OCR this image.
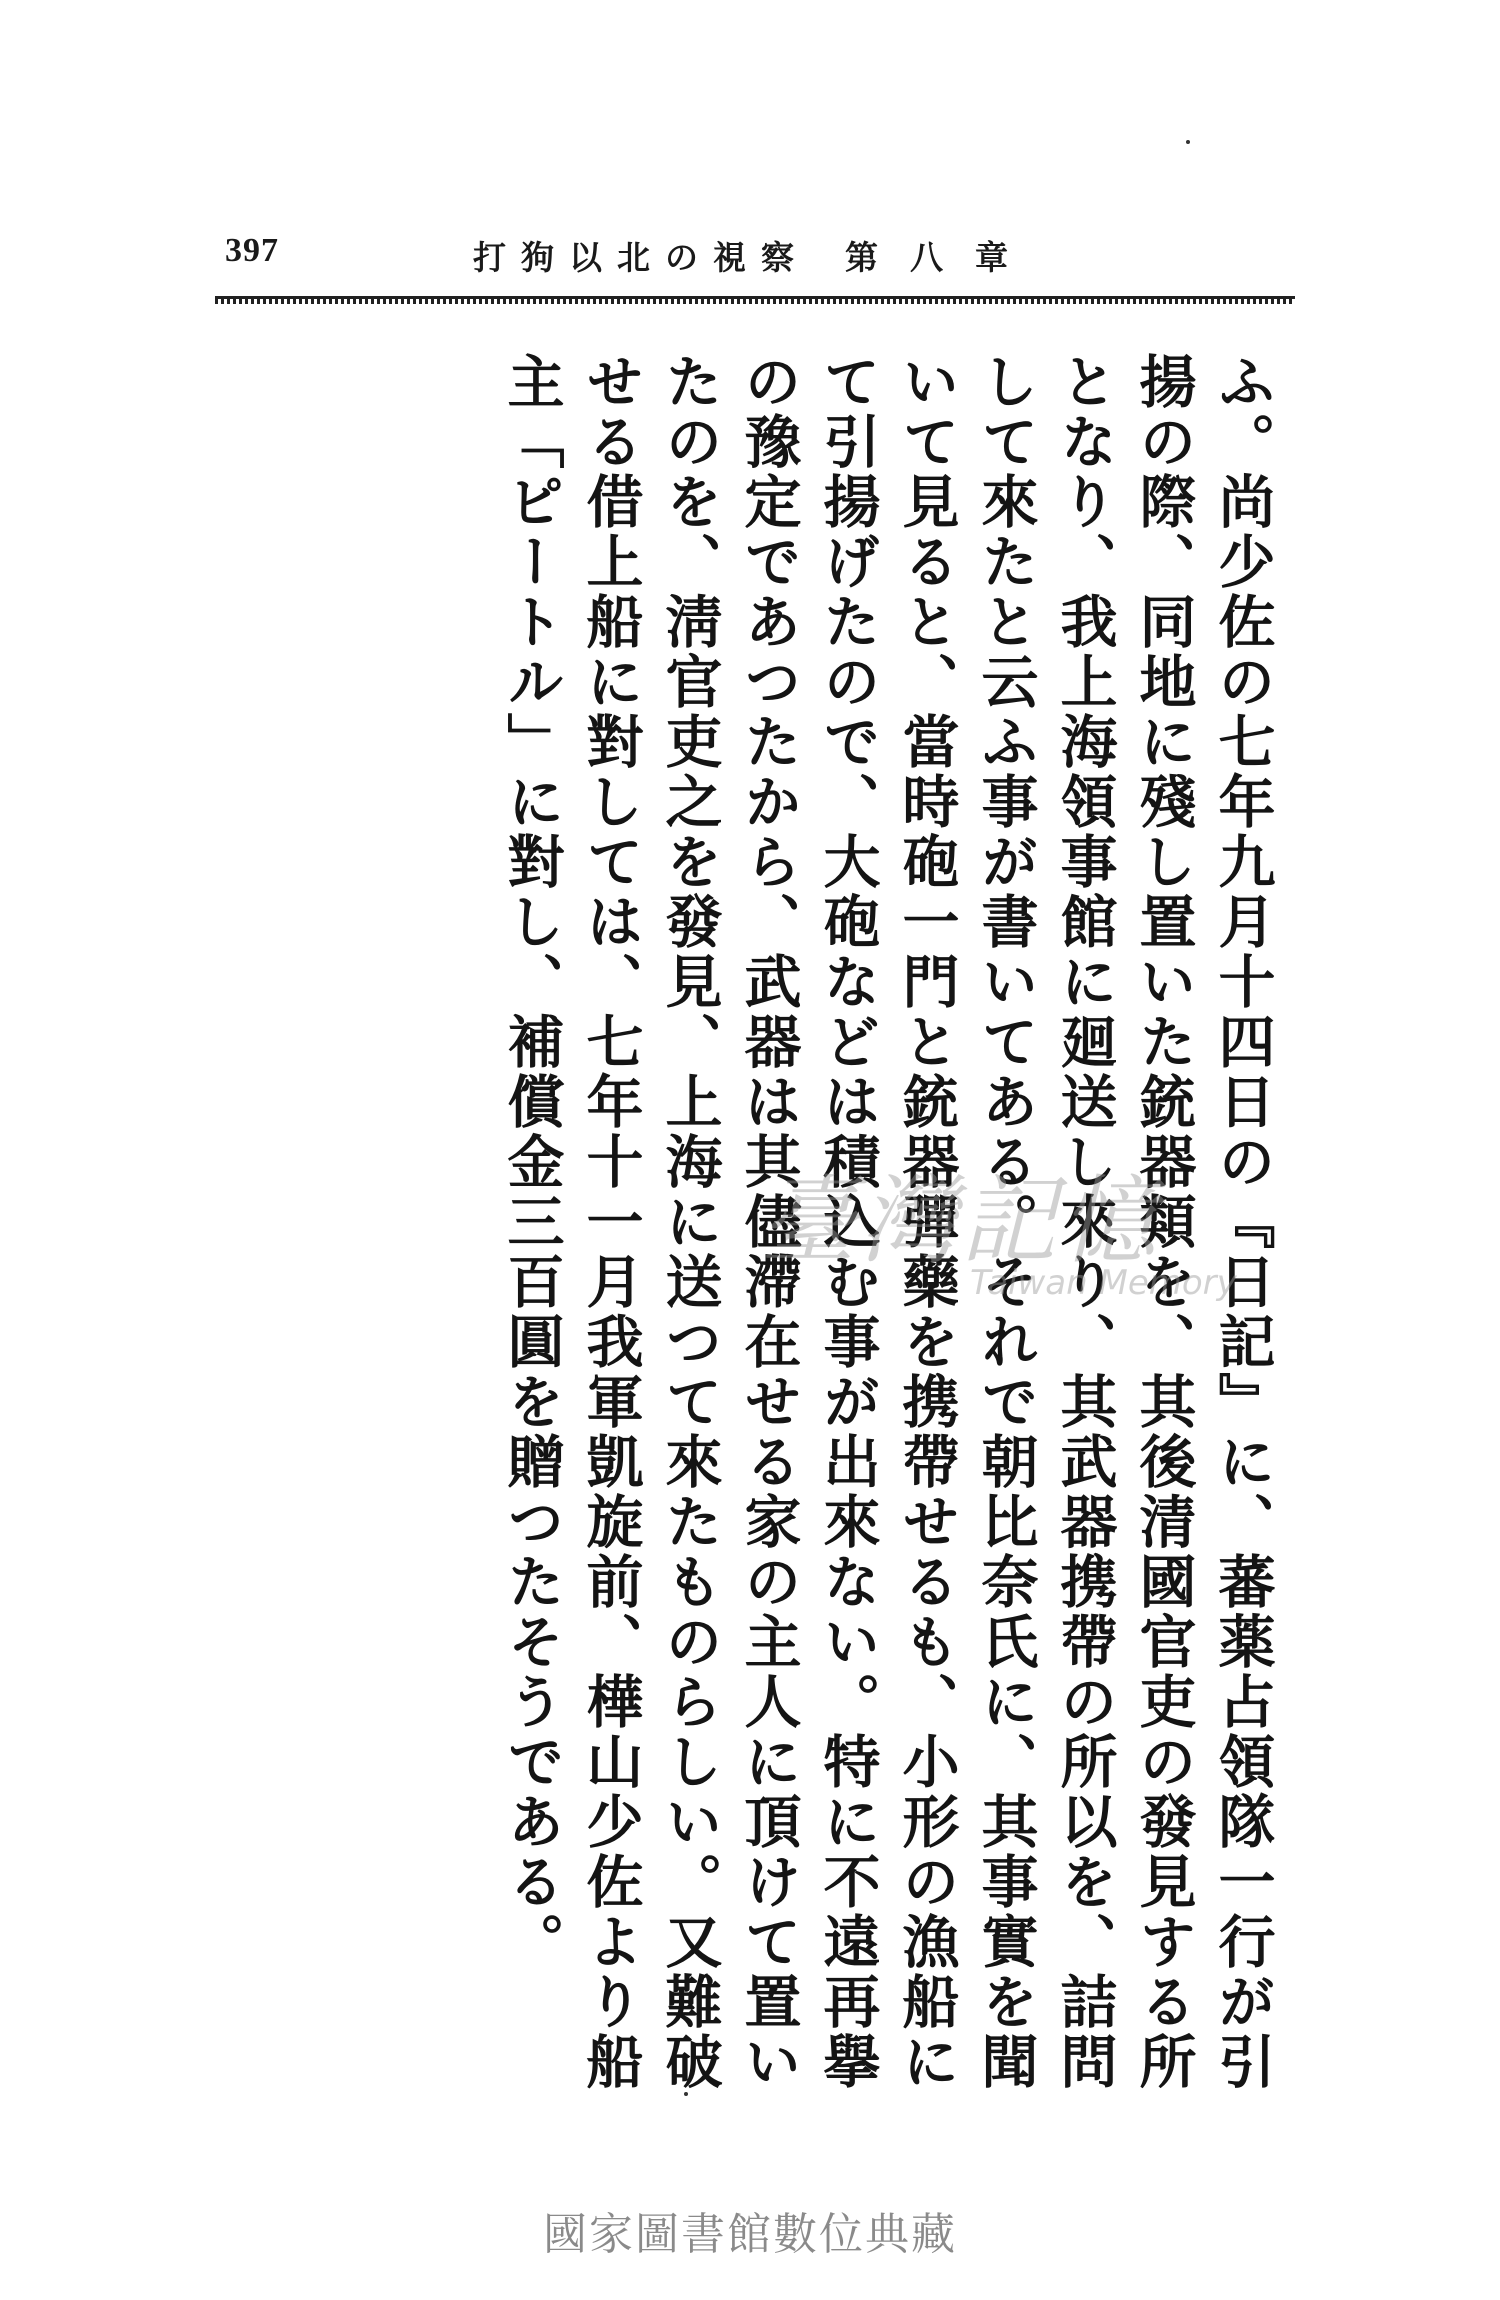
397	第八章打狗以北の視察

ふ。尚少佐の七年九月十四日の『日記』に、蕃薬占領隊一行が引揚の際、同地に殘し置いた銃器類を、其後清國官吏の發見する所となり、我上海領事館に廻送し來り、其武器携帶の所以を、詰問して來たと云ふ事が書いてある。それで朝比奈氏に、其事實を聞いて見ると、當時砲一門と銃器彈藥を携帶せるも、小形の漁船にて引揚げたので、大砲などは積込む事が出來ない。特に不遠再擧の豫定であつたから、武器は其儘滯在せる家の主人に頂けて置いたのを、淸官吏之を發見、上海に送つて來たものらしい。又難破せる借上船に對しては、七年十一月我軍凱旋前、樺山少佐より船主「ピートル」に對し、補償金三百圓を贈つたそうである。	臺灣記憶
Taiwan Memory
國家圖書館數位典藏
